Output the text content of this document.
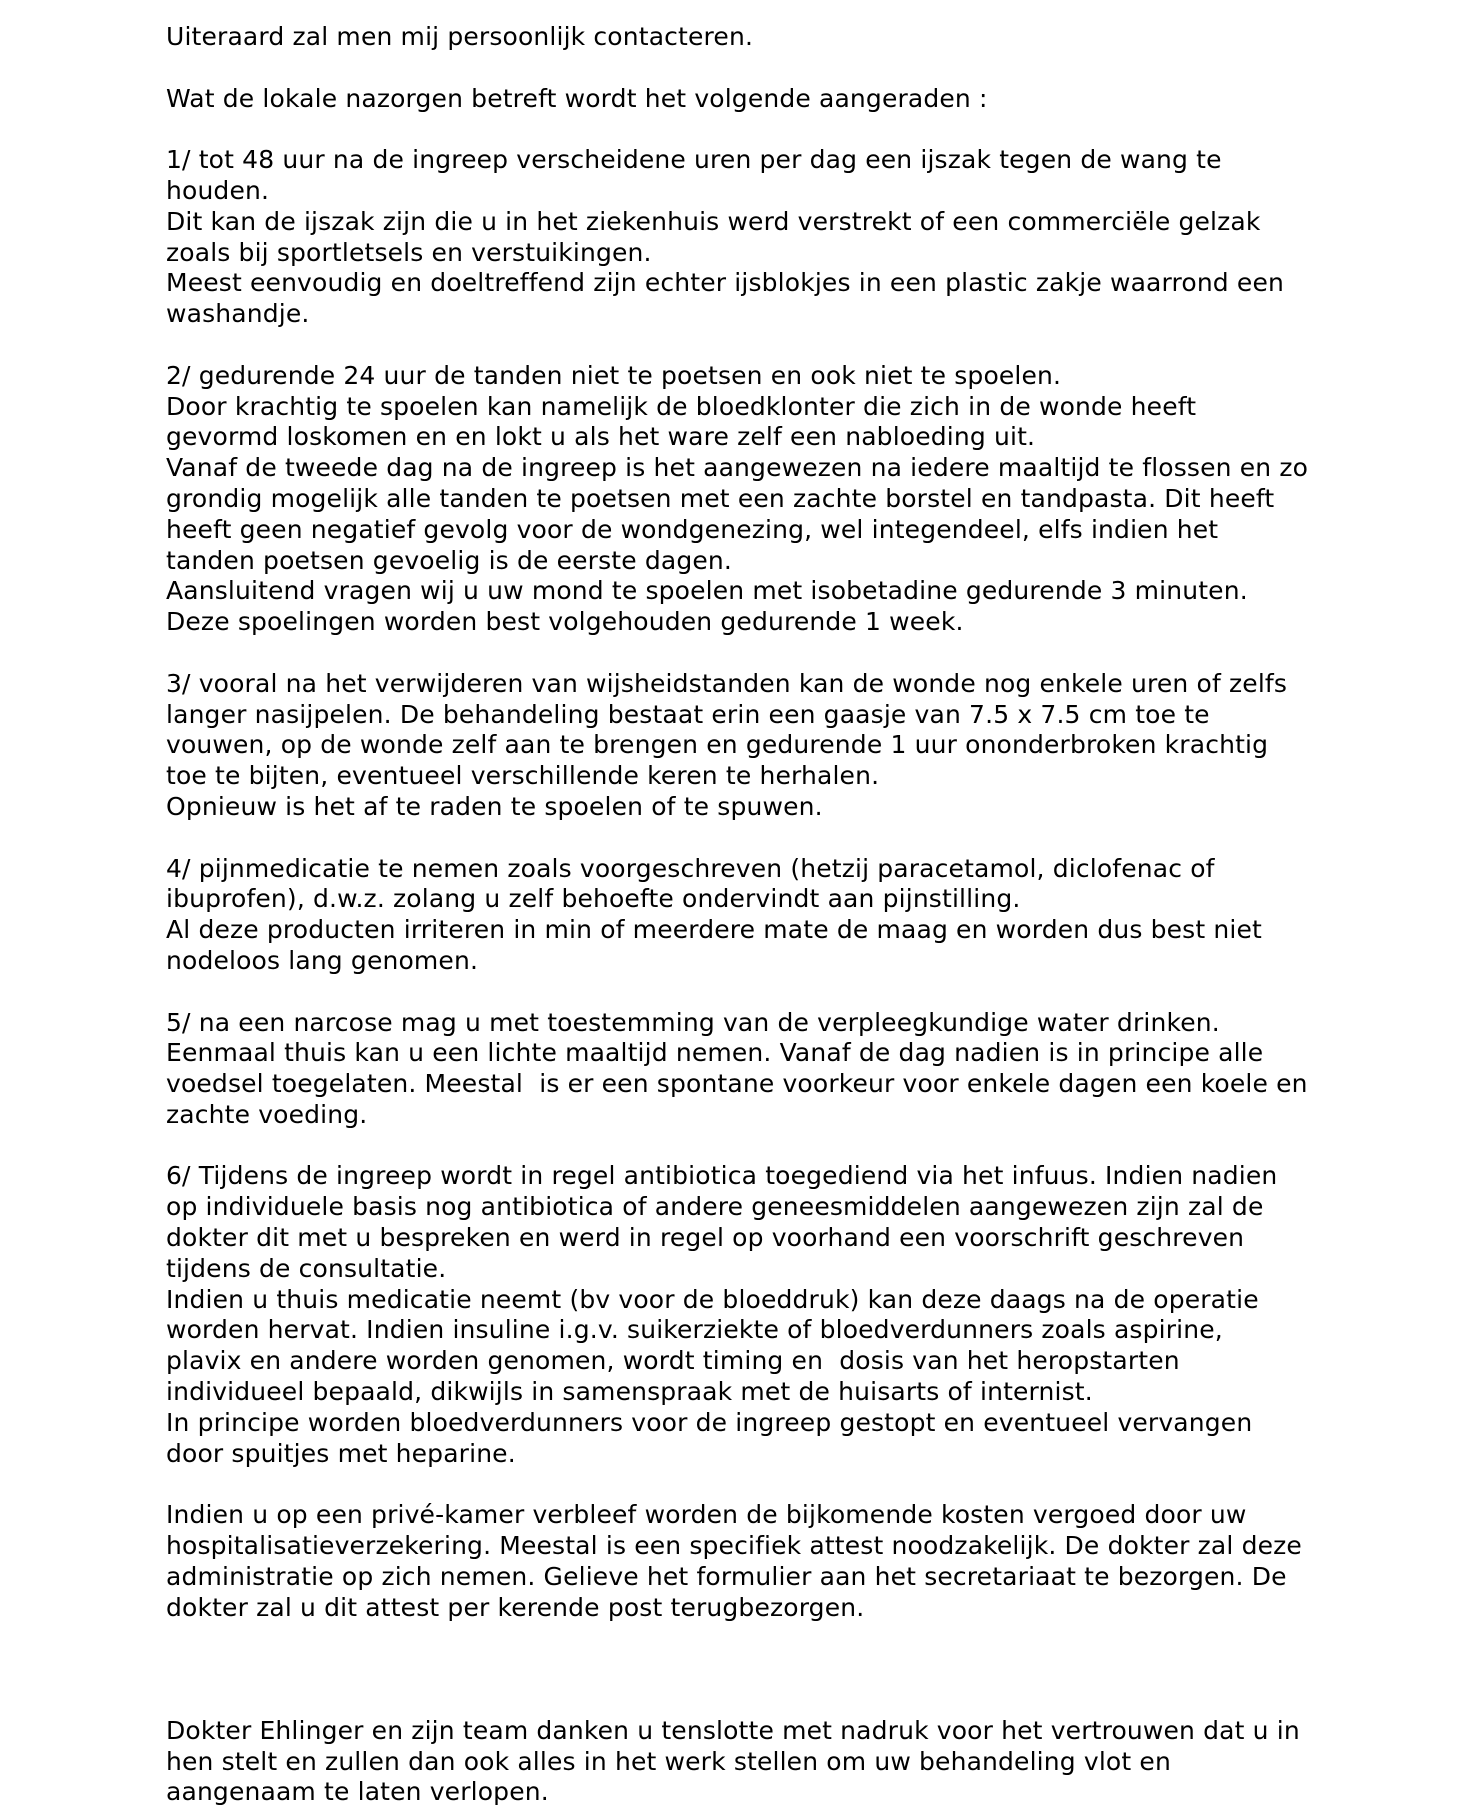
Uiteraard zal men mij persoonlijk contacteren.
Wat de lokale nazorgen betreft wordt het volgende aangeraden :
1/ tot 48 uur na de ingreep verscheidene uren per dag een ijszak tegen de wang te
houden.
Dit kan de ijszak zijn die u in het ziekenhuis werd verstrekt of een commerciële gelzak
zoals bij sportletsels en verstuikingen.
Meest eenvoudig en doeltreffend zijn echter ijsblokjes in een plastic zakje waarrond een
washandje.
2/ gedurende 24 uur de tanden niet te poetsen en ook niet te spoelen.
Door krachtig te spoelen kan namelijk de bloedklonter die zich in de wonde heeft
gevormd loskomen en en lokt u als het ware zelf een nabloeding uit.
Vanaf de tweede dag na de ingreep is het aangewezen na iedere maaltijd te flossen en zo
grondig mogelijk alle tanden te poetsen met een zachte borstel en tandpasta. Dit heeft
heeft geen negatief gevolg voor de wondgenezing, wel integendeel, elfs indien het
tanden poetsen gevoelig is de eerste dagen.
Aansluitend vragen wij u uw mond te spoelen met isobetadine gedurende 3 minuten.
Deze spoelingen worden best volgehouden gedurende 1 week.
3/ vooral na het verwijderen van wijsheidstanden kan de wonde nog enkele uren of zelfs
langer nasijpelen. De behandeling bestaat erin een gaasje van 7.5 x 7.5 cm toe te
vouwen, op de wonde zelf aan te brengen en gedurende 1 uur ononderbroken krachtig
toe te bijten, eventueel verschillende keren te herhalen.
Opnieuw is het af te raden te spoelen of te spuwen.
4/ pijnmedicatie te nemen zoals voorgeschreven (hetzij paracetamol, diclofenac of
ibuprofen), d.w.z. zolang u zelf behoefte ondervindt aan pijnstilling.
Al deze producten irriteren in min of meerdere mate de maag en worden dus best niet
nodeloos lang genomen.
5/ na een narcose mag u met toestemming van de verpleegkundige water drinken.
Eenmaal thuis kan u een lichte maaltijd nemen. Vanaf de dag nadien is in principe alle
voedsel toegelaten. Meestal  is er een spontane voorkeur voor enkele dagen een koele en
zachte voeding.
6/ Tijdens de ingreep wordt in regel antibiotica toegediend via het infuus. Indien nadien
op individuele basis nog antibiotica of andere geneesmiddelen aangewezen zijn zal de
dokter dit met u bespreken en werd in regel op voorhand een voorschrift geschreven
tijdens de consultatie.
Indien u thuis medicatie neemt (bv voor de bloeddruk) kan deze daags na de operatie
worden hervat. Indien insuline i.g.v. suikerziekte of bloedverdunners zoals aspirine,
plavix en andere worden genomen, wordt timing en  dosis van het heropstarten
individueel bepaald, dikwijls in samenspraak met de huisarts of internist.
In principe worden bloedverdunners voor de ingreep gestopt en eventueel vervangen
door spuitjes met heparine.
Indien u op een privé-kamer verbleef worden de bijkomende kosten vergoed door uw
hospitalisatieverzekering. Meestal is een specifiek attest noodzakelijk. De dokter zal deze
administratie op zich nemen. Gelieve het formulier aan het secretariaat te bezorgen. De
dokter zal u dit attest per kerende post terugbezorgen.
Dokter Ehlinger en zijn team danken u tenslotte met nadruk voor het vertrouwen dat u in
hen stelt en zullen dan ook alles in het werk stellen om uw behandeling vlot en
aangenaam te laten verlopen.
